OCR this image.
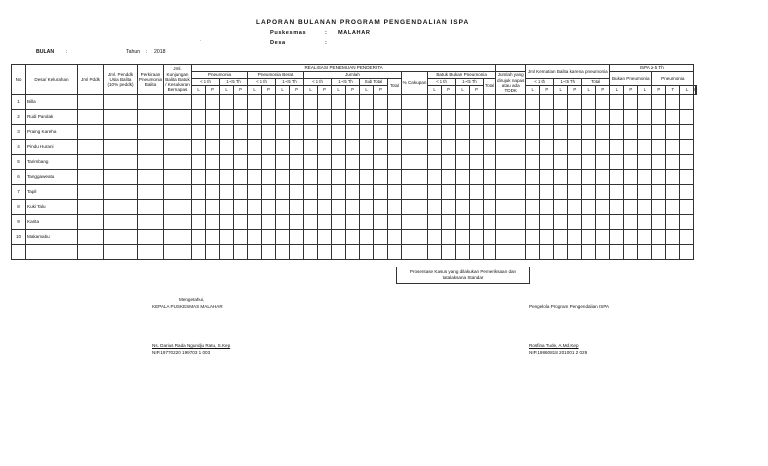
LAPORAN BULANAN PROGRAM PENGENDALIAN ISPA
Puskesmas	: MALAHAR
Desa	:
.
BULAN :	Tahun : 2018
No	Desa/ Kelurahan	Jml Pddk	Jml. Penddk Usia Balita (10% peddk)	Perkiraan Pneumonia Balita	Jml. Kunjungan Balita Batuk / Kesukaran Bernapas	REALISASI PENEMUAN PENDERITA																						Jml Kematian Balita karena pneumonia						ISPA ≥ 5 Th							
						Pneumonia				Pneumonia Berat				Jumlah							% Cakupan	Batuk Bukan Pneumonia					Jumlah yang dirujuk napas atau ada TDDK							Bukan Pneumonia			Pneumonia				
						< 1 th		1-<5 Th		< 1 th		1-<5 Th		< 1 th		1-<5 Th		Sub Total		Total		< 1 th		1-<5 Th		Total		< 1 th		1-<5 Th		Total									
						L	P	L	P	L	P	L	P	L	P	L	P	L	P			L	P	L	P			L	P	L	P	L	P	L	P	L	P	T	L		
1	Billa																																								
2	Rudi Pandak																																								
3	Praing Kareha																																								
4	Pindu Hurani																																								
5	Tarimbang																																								
6	Tanggaweatu																																								
7	Tapil																																								
8	Kuki Talu																																								
9	Karita																																								
10	Makamabu																																								

Prosentase Kasus yang dilakukan Pemeriksaan dan tatalaksana Standar
Mengetahui,
KEPALA PUSKESMAS MALAHAR
Ns. Darius Rada Ngundju Ratu, S.Kep
NIP.19770220 199703 1 003
Pengelola Program Pengendalian ISPA
Rosfina Tude, A.Md.Kep
NIP.19860818 201001 2 029
